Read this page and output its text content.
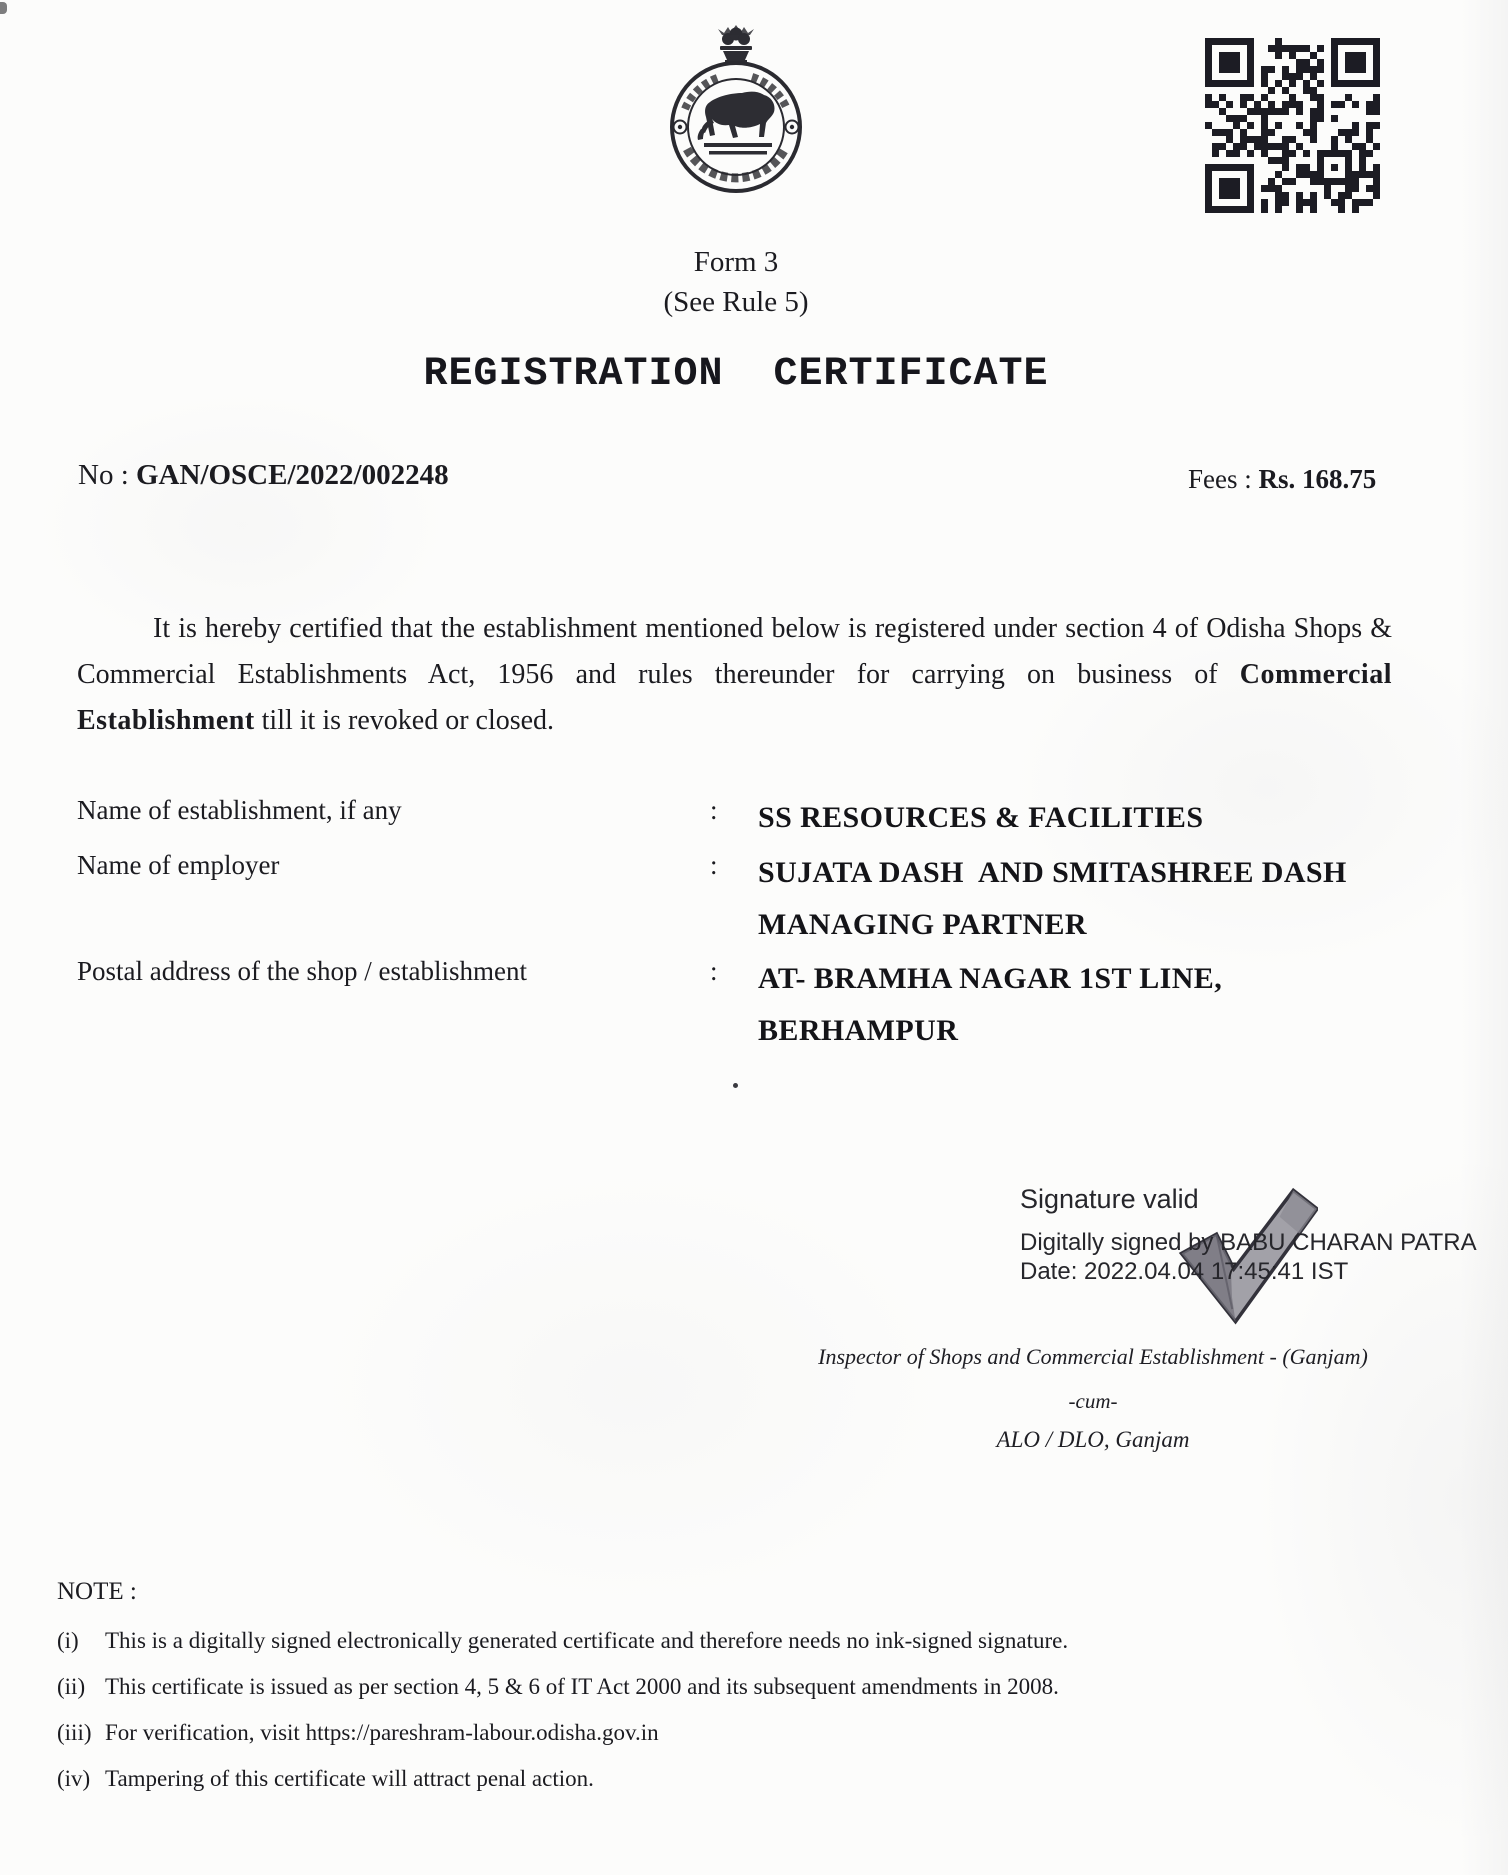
Form 3
(See Rule 5)
REGISTRATION  CERTIFICATE
No : GAN/OSCE/2022/002248	Fees : Rs. 168.75

It is hereby certified that the establishment mentioned below is registered under section 4 of Odisha Shops & Commercial Establishments Act, 1956 and rules thereunder for carrying on business of Commercial Establishment till it is revoked or closed.

Name of establishment, if any	: SS RESOURCES & FACILITIES
Name of employer	: SUJATA DASH  AND SMITASHREE DASH
MANAGING PARTNER
Postal address of the shop / establishment	: AT- BRAMHA NAGAR 1ST LINE,
BERHAMPUR
Signature valid
Digitally signed by BABU CHARAN PATRA
Date: 2022.04.04 17:45:41 IST
Inspector of Shops and Commercial Establishment - (Ganjam)
-cum-
ALO / DLO, Ganjam
NOTE :
(i) This is a digitally signed electronically generated certificate and therefore needs no ink-signed signature.
(ii) This certificate is issued as per section 4, 5 & 6 of IT Act 2000 and its subsequent amendments in 2008.
(iii) For verification, visit https://pareshram-labour.odisha.gov.in
(iv) Tampering of this certificate will attract penal action.
